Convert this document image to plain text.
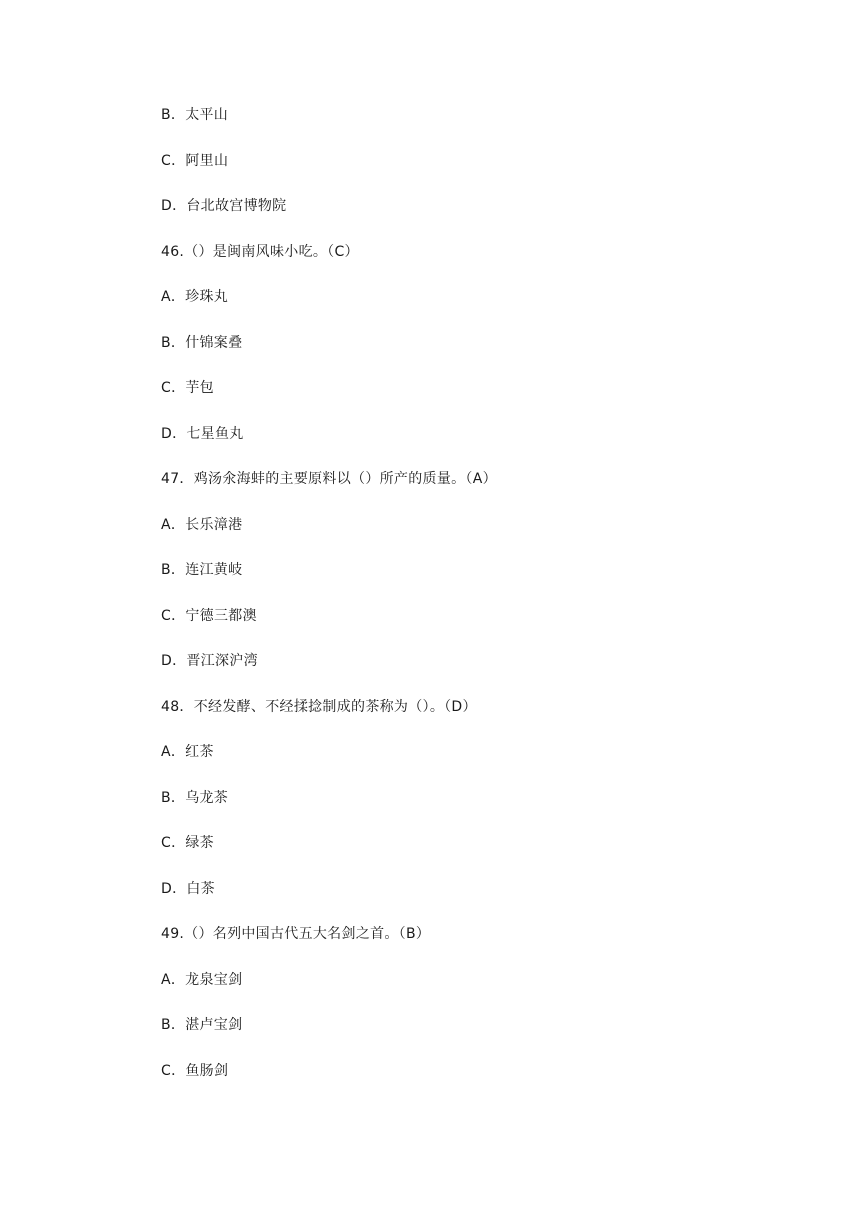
B．太平山
C．阿里山
D．台北故宫博物院
46.（）是闽南风味小吃。（C）
A．珍珠丸
B．什锦案叠
C．芋包
D．七星鱼丸
47．鸡汤氽海蚌的主要原料以（）所产的质量。（A）
A．长乐漳港
B．连江黄岐
C．宁德三都澳
D．晋江深沪湾
48．不经发酵、不经揉捻制成的茶称为（）。（D）
A．红茶
B．乌龙茶
C．绿茶
D．白茶
49.（）名列中国古代五大名剑之首。（B）
A．龙泉宝剑
B．湛卢宝剑
C．鱼肠剑
